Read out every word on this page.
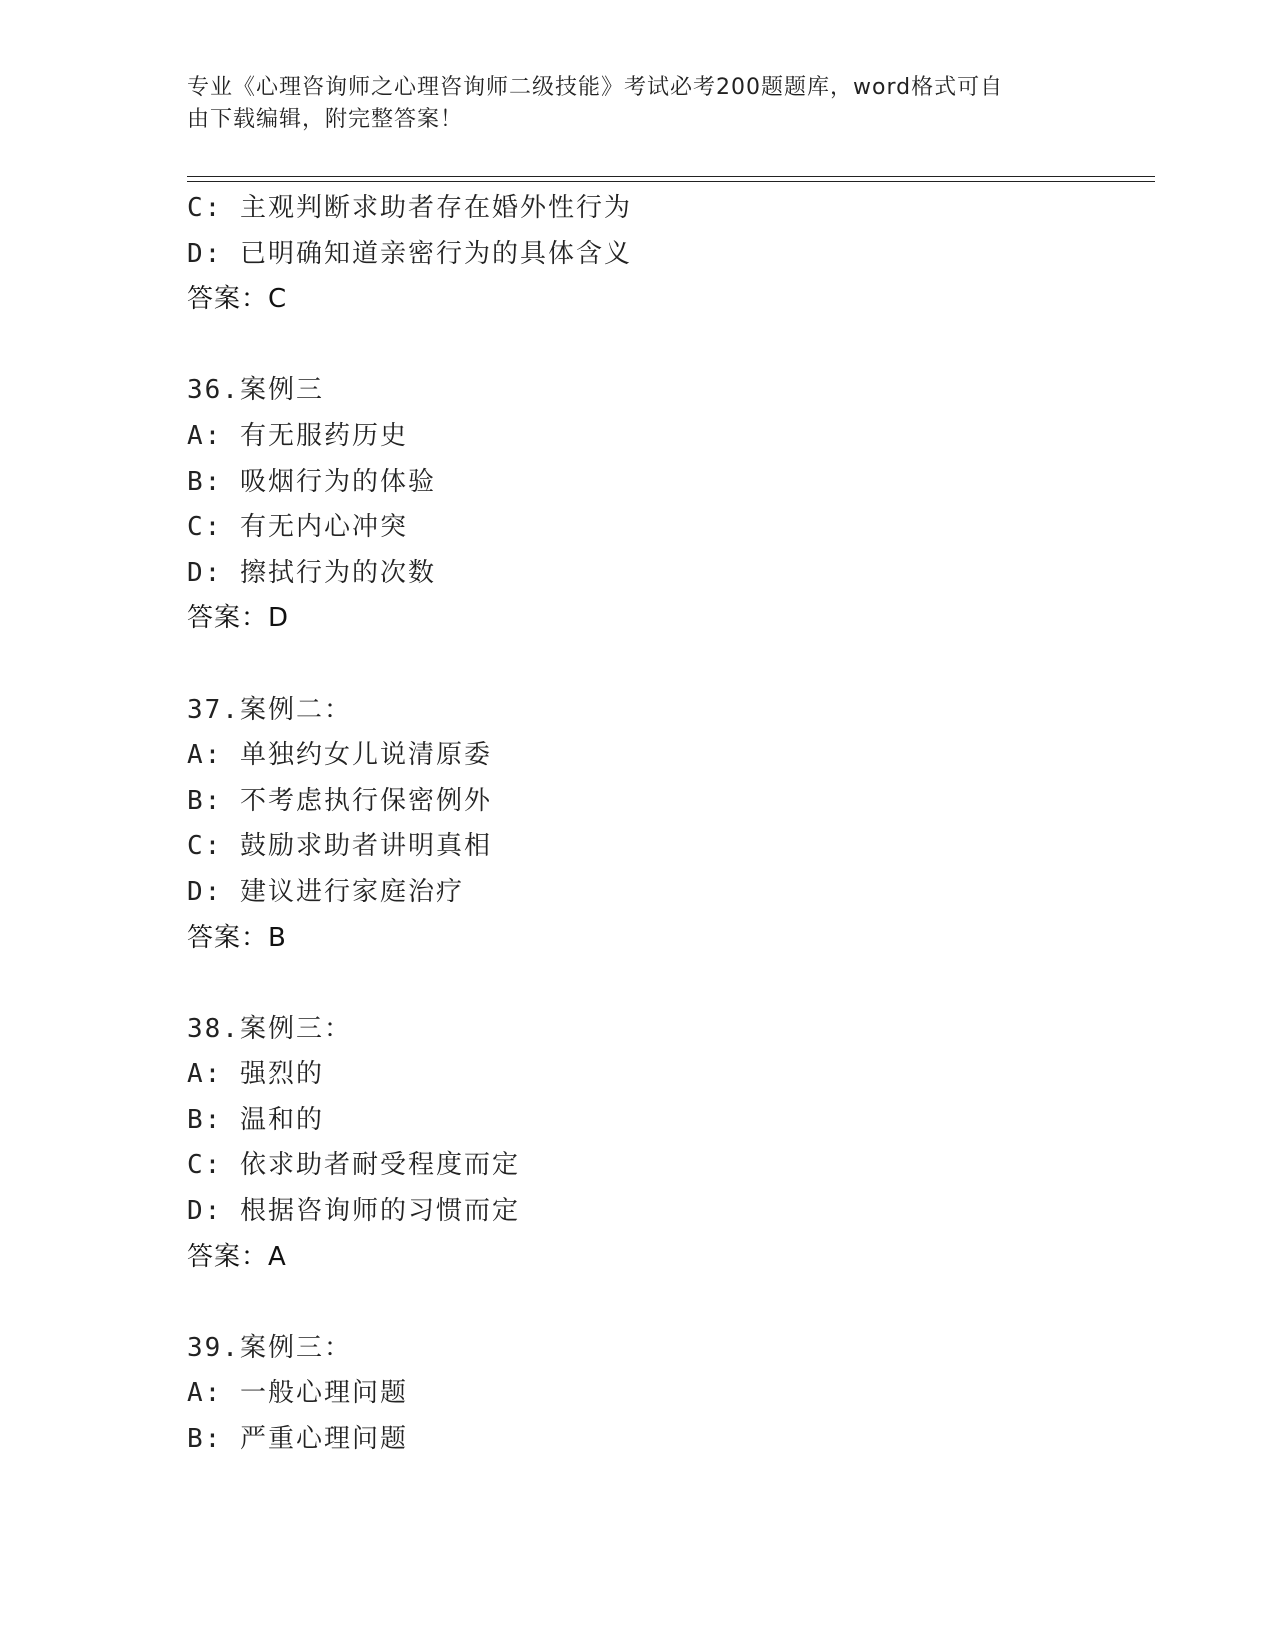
专业《心理咨询师之心理咨询师二级技能》考试必考200题题库，word格式可自
由下载编辑，附完整答案！
C: 主观判断求助者存在婚外性行为
D: 已明确知道亲密行为的具体含义
答案：C
36.案例三
A: 有无服药历史
B: 吸烟行为的体验
C: 有无内心冲突
D: 擦拭行为的次数
答案：D
37.案例二：
A: 单独约女儿说清原委
B: 不考虑执行保密例外
C: 鼓励求助者讲明真相
D: 建议进行家庭治疗
答案：B
38.案例三：
A: 强烈的
B: 温和的
C: 依求助者耐受程度而定
D: 根据咨询师的习惯而定
答案：A
39.案例三：
A: 一般心理问题
B: 严重心理问题
